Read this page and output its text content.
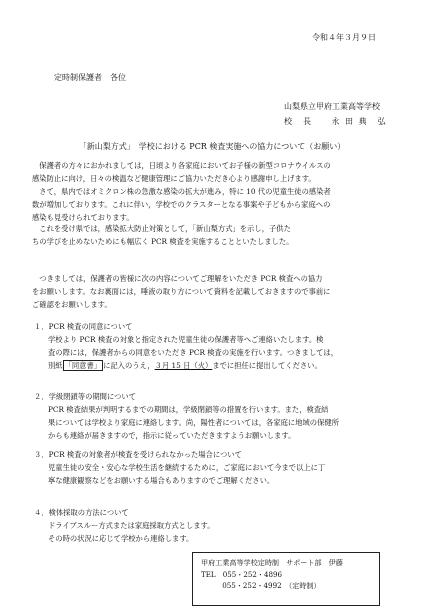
令和４年３月９日
定時制保護者　各位
山梨県立甲府工業高等学校
校　長　　永 田 典　弘
「新山梨方式」　学校における PCR 検査実施への協力について（お願い）

　保護者の方々におかれましては，日頃より各家庭においてお子様の新型コロナウイルスの

感染防止に向け，日々の検温など健康管理にご協力いただき心より感謝申し上げます。

　さて，県内ではオミクロン株の急激な感染の拡大が進み，特に 10 代の児童生徒の感染者

数が増加しております。これに伴い，学校でのクラスターとなる事案や子どもから家庭への

感染も見受けられております。

　これを受け県では，感染拡大防止対策として，「新山梨方式」を示し，子供た

ちの学びを止めないためにも幅広く PCR 検査を実施することといたしました。

　つきましては，保護者の皆様に次の内容についてご理解をいただき PCR 検査への協力

をお願いします。なお裏面には，唾液の取り方について資料を記載しておきますので事前に

ご確認をお願いします。

１．PCR 検査の同意について

学校より PCR 検査の対象と指定された児童生徒の保護者等へご連絡いたします。検

査の際には，保護者からの同意をいただき PCR 検査の実施を行います。つきましては，

別紙 「同意書」 に記入のうえ，３月 15 日（火）までに担任に提出してください。

２．学級閉鎖等の期間について

PCR 検査結果が判明するまでの期間は，学級閉鎖等の措置を行います。また，検査結

果については学校より家庭に連絡します。尚，陽性者については，各家庭に地域の保健所

からも連絡が届きますので，指示に従っていただきますようお願いします。

３．PCR 検査の対象者が検査を受けられなかった場合について

児童生徒の安全・安心な学校生活を継続するために，ご家庭において今まで以上に丁

寧な健康観察などをお願いする場合もありますのでご理解ください。

４．検体採取の方法について

ドライブスルー方式または家庭採取方式とします。

その時の状況に応じて学校から連絡します。

甲府工業高等学校定時制　サポート部　伊藤

TEL　055・252・4896

　　　055・252・4992　（定時制）
